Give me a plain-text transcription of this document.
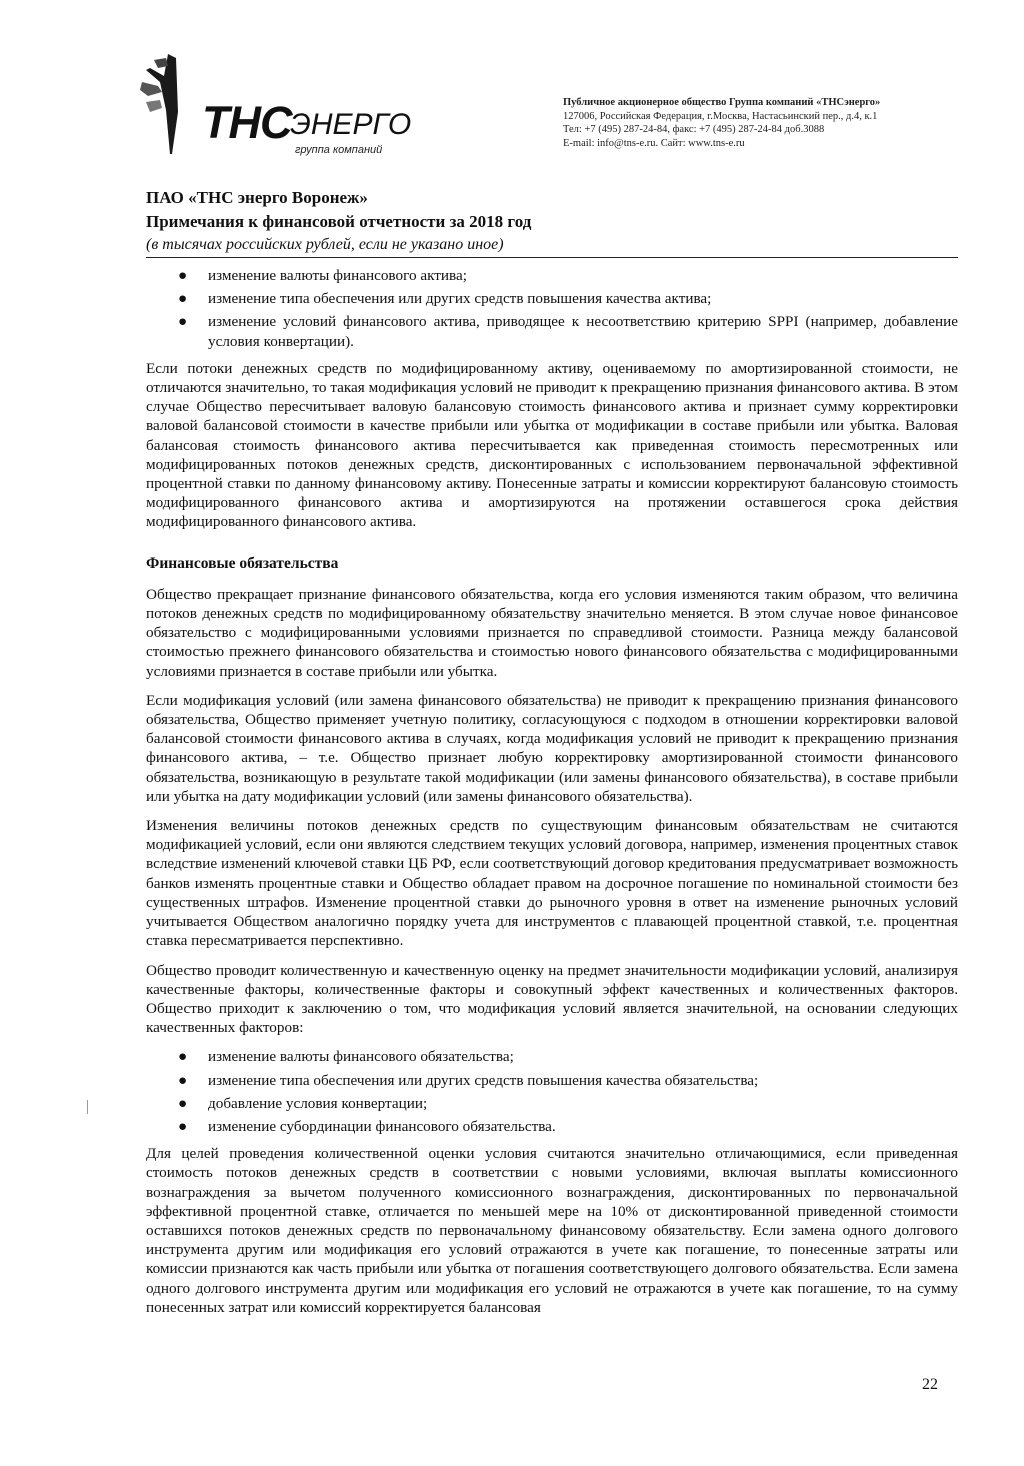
ТНС
ЭНЕРГО
группа компаний
Публичное акционерное общество Группа компаний «ТНСэнерго»
127006, Российская Федерация, г.Москва, Настасьинский пер., д.4, к.1
Тел: +7 (495) 287-24-84, факс: +7 (495) 287-24-84 доб.3088
E-mail: info@tns-e.ru. Сайт: www.tns-e.ru
ПАО «ТНС энерго Воронеж»
Примечания к финансовой отчетности за 2018 год
(в тысячах российских рублей, если не указано иное)
● изменение валюты финансового актива;
● изменение типа обеспечения или других средств повышения качества актива;
● изменение условий финансового актива, приводящее к несоответствию критерию SPPI (например, добавление условия конвертации).

Если потоки денежных средств по модифицированному активу, оцениваемому по амортизированной стоимости, не отличаются значительно, то такая модификация условий не приводит к прекращению признания финансового актива. В этом случае Общество пересчитывает валовую балансовую стоимость финансового актива и признает сумму корректировки валовой балансовой стоимости в качестве прибыли или убытка от модификации в составе прибыли или убытка. Валовая балансовая стоимость финансового актива пересчитывается как приведенная стоимость пересмотренных или модифицированных потоков денежных средств, дисконтированных с использованием первоначальной эффективной процентной ставки по данному финансовому активу. Понесенные затраты и комиссии корректируют балансовую стоимость модифицированного финансового актива и амортизируются на протяжении оставшегося срока действия модифицированного финансового актива.

Финансовые обязательства

Общество прекращает признание финансового обязательства, когда его условия изменяются таким образом, что величина потоков денежных средств по модифицированному обязательству значительно меняется. В этом случае новое финансовое обязательство с модифицированными условиями признается по справедливой стоимости. Разница между балансовой стоимостью прежнего финансового обязательства и стоимостью нового финансового обязательства с модифицированными условиями признается в составе прибыли или убытка.

Если модификация условий (или замена финансового обязательства) не приводит к прекращению признания финансового обязательства, Общество применяет учетную политику, согласующуюся с подходом в отношении корректировки валовой балансовой стоимости финансового актива в случаях, когда модификация условий не приводит к прекращению признания финансового актива, – т.е. Общество признает любую корректировку амортизированной стоимости финансового обязательства, возникающую в результате такой модификации (или замены финансового обязательства), в составе прибыли или убытка на дату модификации условий (или замены финансового обязательства).

Изменения величины потоков денежных средств по существующим финансовым обязательствам не считаются модификацией условий, если они являются следствием текущих условий договора, например, изменения процентных ставок вследствие изменений ключевой ставки ЦБ РФ, если соответствующий договор кредитования предусматривает возможность банков изменять процентные ставки и Общество обладает правом на досрочное погашение по номинальной стоимости без существенных штрафов. Изменение процентной ставки до рыночного уровня в ответ на изменение рыночных условий учитывается Обществом аналогично порядку учета для инструментов с плавающей процентной ставкой, т.е. процентная ставка пересматривается перспективно.

Общество проводит количественную и качественную оценку на предмет значительности модификации условий, анализируя качественные факторы, количественные факторы и совокупный эффект качественных и количественных факторов. Общество приходит к заключению о том, что модификация условий является значительной, на основании следующих качественных факторов:

● изменение валюты финансового обязательства;
● изменение типа обеспечения или других средств повышения качества обязательства;
● добавление условия конвертации;
● изменение субординации финансового обязательства.

Для целей проведения количественной оценки условия считаются значительно отличающимися, если приведенная стоимость потоков денежных средств в соответствии с новыми условиями, включая выплаты комиссионного вознаграждения за вычетом полученного комиссионного вознаграждения, дисконтированных по первоначальной эффективной процентной ставке, отличается по меньшей мере на 10% от дисконтированной приведенной стоимости оставшихся потоков денежных средств по первоначальному финансовому обязательству. Если замена одного долгового инструмента другим или модификация его условий отражаются в учете как погашение, то понесенные затраты или комиссии признаются как часть прибыли или убытка от погашения соответствующего долгового обязательства. Если замена одного долгового инструмента другим или модификация его условий не отражаются в учете как погашение, то на сумму понесенных затрат или комиссий корректируется балансовая

22
